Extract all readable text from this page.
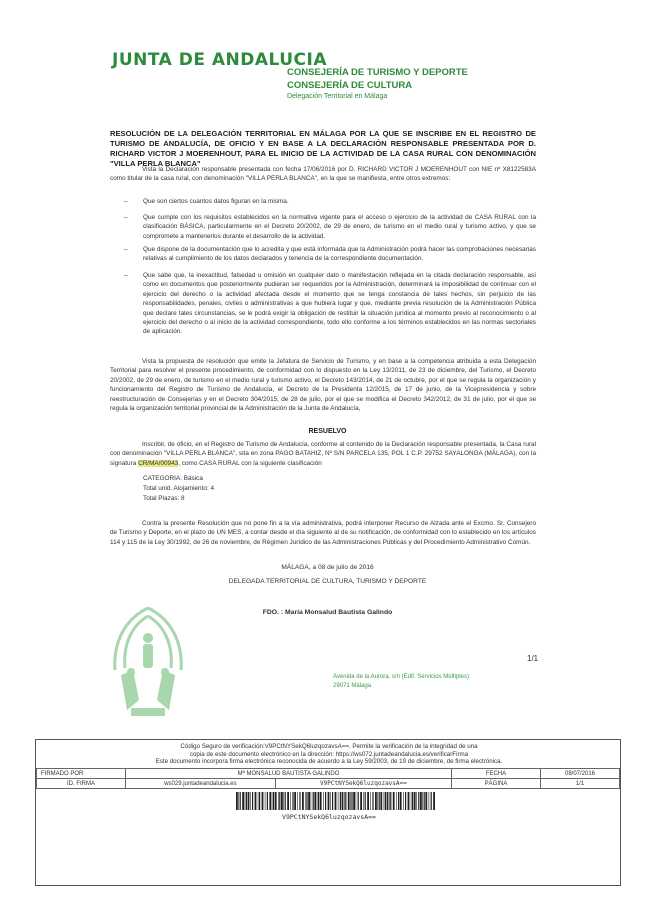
JUNTA DE ANDALUCIA
CONSEJERÍA DE TURISMO Y DEPORTE
CONSEJERÍA DE CULTURA
Delegación Territorial en Málaga
RESOLUCIÓN DE LA DELEGACIÓN TERRITORIAL EN MÁLAGA POR LA QUE SE INSCRIBE EN EL REGISTRO DE TURISMO DE ANDALUCÍA, DE OFICIO Y EN BASE A LA DECLARACIÓN RESPONSABLE PRESENTADA POR D. RICHARD VICTOR J MOERENHOUT, PARA EL INICIO DE LA ACTIVIDAD DE LA CASA RURAL CON DENOMINACIÓN "VILLA PERLA BLANCA"
Vista la Declaración responsable presentada con fecha 17/06/2016 por D. RICHARD VICTOR J MOERENHOUT con NIE nº X8122583A como titular de la casa rural, con denominación "VILLA PERLA BLANCA", en la que se manifiesta, entre otros extremos:
– Que son ciertos cuantos datos figuran en la misma.
– Que cumple con los requisitos establecidos en la normativa vigente para el acceso o ejercicio de la actividad de CASA RURAL con la clasificación BÁSICA, particularmente en el Decreto 20/2002, de 29 de enero, de turismo en el medio rural y turismo activo, y que se compromete a mantenerlos durante el desarrollo de la actividad.
– Que dispone de la documentación que lo acredita y que está informada que la Administración podrá hacer las comprobaciones necesarias relativas al cumplimiento de los datos declarados y tenencia de la correspondiente documentación.
– Que sabe que, la inexactitud, falsedad u omisión en cualquier dato o manifestación reflejada en la citada declaración responsable, así como en documentos que posteriormente pudieran ser requeridos por la Administración, determinará la imposibilidad de continuar con el ejercicio del derecho o la actividad afectada desde el momento que se tenga constancia de tales hechos, sin perjuicio de las responsabilidades, penales, civiles o administrativas a que hubiera lugar y que, mediante previa resolución de la Administración Pública que declare tales circunstancias, se le podrá exigir la obligación de restituir la situación jurídica al momento previo al reconocimiento o al ejercicio del derecho o al inicio de la actividad correspondiente, todo ello conforme a los términos establecidos en las normas sectoriales de aplicación.
Vista la propuesta de resolución que emite la Jefatura de Servicio de Turismo, y en base a la competencia atribuida a esta Delegación Territorial para resolver el presente procedimiento, de conformidad con lo dispuesto en la Ley 13/2011, de 23 de diciembre, del Turismo, el Decreto 20/2002, de 29 de enero, de turismo en el medio rural y turismo activo, el Decreto 143/2014, de 21 de octubre, por el que se regula la organización y funcionamiento del Registro de Turismo de Andalucía, el Decreto de la Presidenta 12/2015, de 17 de junio, de la Vicepresidencia y sobre reestructuración de Consejerías y en el Decreto 304/2015, de 28 de julio, por el que se modifica el Decreto 342/2012, de 31 de julio, por el que se regula la organización territorial provincial de la Administración de la Junta de Andalucía,
RESUELVO
Inscribir, de oficio, en el Registro de Turismo de Andalucía, conforme al contenido de la Declaración responsable presentada, la Casa rural con denominación "VILLA PERLA BLANCA", sita en zona PAGO BATAHIZ, Nº S/N PARCELA 135, POL 1 C.P. 29752 SAYALONGA (MÁLAGA), con la signatura CR/MA/00943, como CASA RURAL con la siguiente clasificación
CATEGORIA: Básica
Total unid. Alojamiento: 4
Total Plazas: 8
Contra la presente Resolución que no pone fin a la vía administrativa, podrá interponer Recurso de Alzada ante el Excmo. Sr. Consejero de Turismo y Deporte, en el plazo de UN MES, a contar desde el día siguiente al de su notificación, de conformidad con lo establecido en los artículos 114 y 115 de la Ley 30/1992, de 26 de noviembre, de Régimen Jurídico de las Administraciones Públicas y del Procedimiento Administrativo Común.
MÁLAGA, a 08 de julio de 2016
DELEGADA TERRITORIAL DE CULTURA, TURISMO Y DEPORTE
FDO. : María Monsalud Bautista Galindo
1/1
Avenida de la Aurora, s/n (Edif. Servicios Múltiples)
29071 Málaga
Código Seguro de verificación:V9PCtNYSekQ6luzqozavsA==. Permite la verificación de la integridad de una
copia de este documento electrónico en la dirección: https://ws072.juntadeandalucia.es/verificarFirma
Este documento incorpora firma electrónica reconocida de acuerdo a la Ley 59/2003, de 19 de diciembre, de firma electrónica.
FIRMADO POR	Mª MONSALUD BAUTISTA GALINDO		FECHA	08/07/2016
ID. FIRMA	ws029.juntadeandalucia.es	V9PCtNYSekQ6luzqozavsA==	PÁGINA	1/1
V9PCtNYSekQ6luzqozavsA==
